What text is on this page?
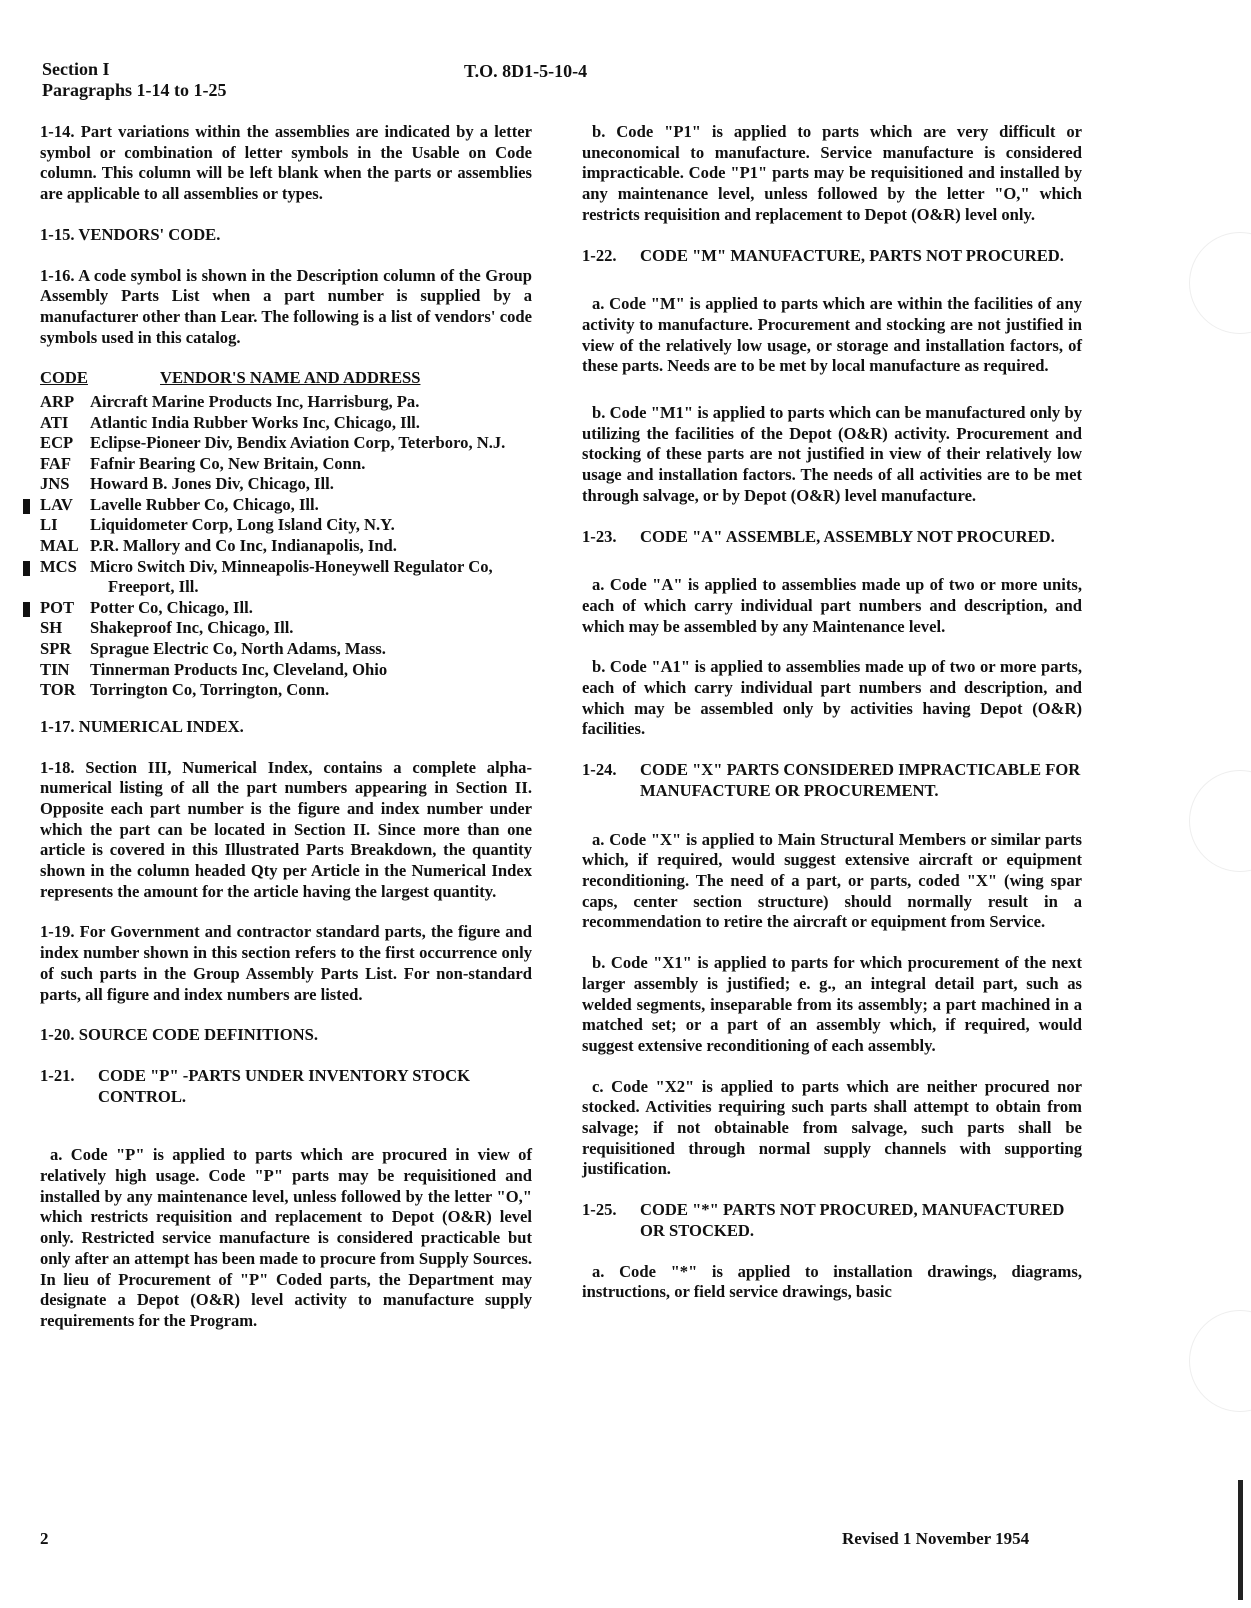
Section I
Paragraphs 1-14 to 1-25
T.O. 8D1-5-10-4

1-14. Part variations within the assemblies are indicated by a letter symbol or combination of letter symbols in the Usable on Code column. This column will be left blank when the parts or assemblies are applicable to all assemblies or types.

1-15. VENDORS' CODE.

1-16. A code symbol is shown in the Description column of the Group Assembly Parts List when a part number is supplied by a manufacturer other than Lear. The following is a list of vendors' code symbols used in this catalog.

CODE	VENDOR'S NAME AND ADDRESS
ARP	Aircraft Marine Products Inc, Harrisburg, Pa.
ATI	Atlantic India Rubber Works Inc, Chicago, Ill.
ECP	Eclipse-Pioneer Div, Bendix Aviation Corp, Teterboro, N.J.
FAF	Fafnir Bearing Co, New Britain, Conn.
JNS	Howard B. Jones Div, Chicago, Ill.

LAV	Lavelle Rubber Co, Chicago, Ill.
LI	Liquidometer Corp, Long Island City, N.Y.
MAL	P.R. Mallory and Co Inc, Indianapolis, Ind.

MCS	Micro Switch Div, Minneapolis-Honeywell Regulator Co, Freeport, Ill.

POT	Potter Co, Chicago, Ill.
SH	Shakeproof Inc, Chicago, Ill.
SPR	Sprague Electric Co, North Adams, Mass.
TIN	Tinnerman Products Inc, Cleveland, Ohio
TOR	Torrington Co, Torrington, Conn.

1-17. NUMERICAL INDEX.

1-18. Section III, Numerical Index, contains a complete alpha-numerical listing of all the part numbers appearing in Section II. Opposite each part number is the figure and index number under which the part can be located in Section II. Since more than one article is covered in this Illustrated Parts Breakdown, the quantity shown in the column headed Qty per Article in the Numerical Index represents the amount for the article having the largest quantity.

1-19. For Government and contractor standard parts, the figure and index number shown in this section refers to the first occurrence only of such parts in the Group Assembly Parts List. For non-standard parts, all figure and index numbers are listed.

1-20. SOURCE CODE DEFINITIONS.

1-21.	CODE "P" -PARTS UNDER INVENTORY STOCK CONTROL.

a. Code "P" is applied to parts which are procured in view of relatively high usage. Code "P" parts may be requisitioned and installed by any maintenance level, unless followed by the letter "O," which restricts requisition and replacement to Depot (O&R) level only. Restricted service manufacture is considered practicable but only after an attempt has been made to procure from Supply Sources. In lieu of Procurement of "P" Coded parts, the Department may designate a Depot (O&R) level activity to manufacture supply requirements for the Program.

b. Code "P1" is applied to parts which are very difficult or uneconomical to manufacture. Service manufacture is considered impracticable. Code "P1" parts may be requisitioned and installed by any maintenance level, unless followed by the letter "O," which restricts requisition and replacement to Depot (O&R) level only.

1-22.	CODE "M" MANUFACTURE, PARTS NOT PROCURED.

a. Code "M" is applied to parts which are within the facilities of any activity to manufacture. Procurement and stocking are not justified in view of the relatively low usage, or storage and installation factors, of these parts. Needs are to be met by local manufacture as required.

b. Code "M1" is applied to parts which can be manufactured only by utilizing the facilities of the Depot (O&R) activity. Procurement and stocking of these parts are not justified in view of their relatively low usage and installation factors. The needs of all activities are to be met through salvage, or by Depot (O&R) level manufacture.

1-23.	CODE "A" ASSEMBLE, ASSEMBLY NOT PROCURED.

a. Code "A" is applied to assemblies made up of two or more units, each of which carry individual part numbers and description, and which may be assembled by any Maintenance level.

b. Code "A1" is applied to assemblies made up of two or more parts, each of which carry individual part numbers and description, and which may be assembled only by activities having Depot (O&R) facilities.

1-24.	CODE "X" PARTS CONSIDERED IMPRACTICABLE FOR MANUFACTURE OR PROCUREMENT.

a. Code "X" is applied to Main Structural Members or similar parts which, if required, would suggest extensive aircraft or equipment reconditioning. The need of a part, or parts, coded "X" (wing spar caps, center section structure) should normally result in a recommendation to retire the aircraft or equipment from Service.

b. Code "X1" is applied to parts for which procurement of the next larger assembly is justified; e. g., an integral detail part, such as welded segments, inseparable from its assembly; a part machined in a matched set; or a part of an assembly which, if required, would suggest extensive reconditioning of each assembly.

c. Code "X2" is applied to parts which are neither procured nor stocked. Activities requiring such parts shall attempt to obtain from salvage; if not obtainable from salvage, such parts shall be requisitioned through normal supply channels with supporting justification.

1-25.	CODE "*" PARTS NOT PROCURED, MANUFACTURED OR STOCKED.

a. Code "*" is applied to installation drawings, diagrams, instructions, or field service drawings, basic

2	Revised 1 November 1954
